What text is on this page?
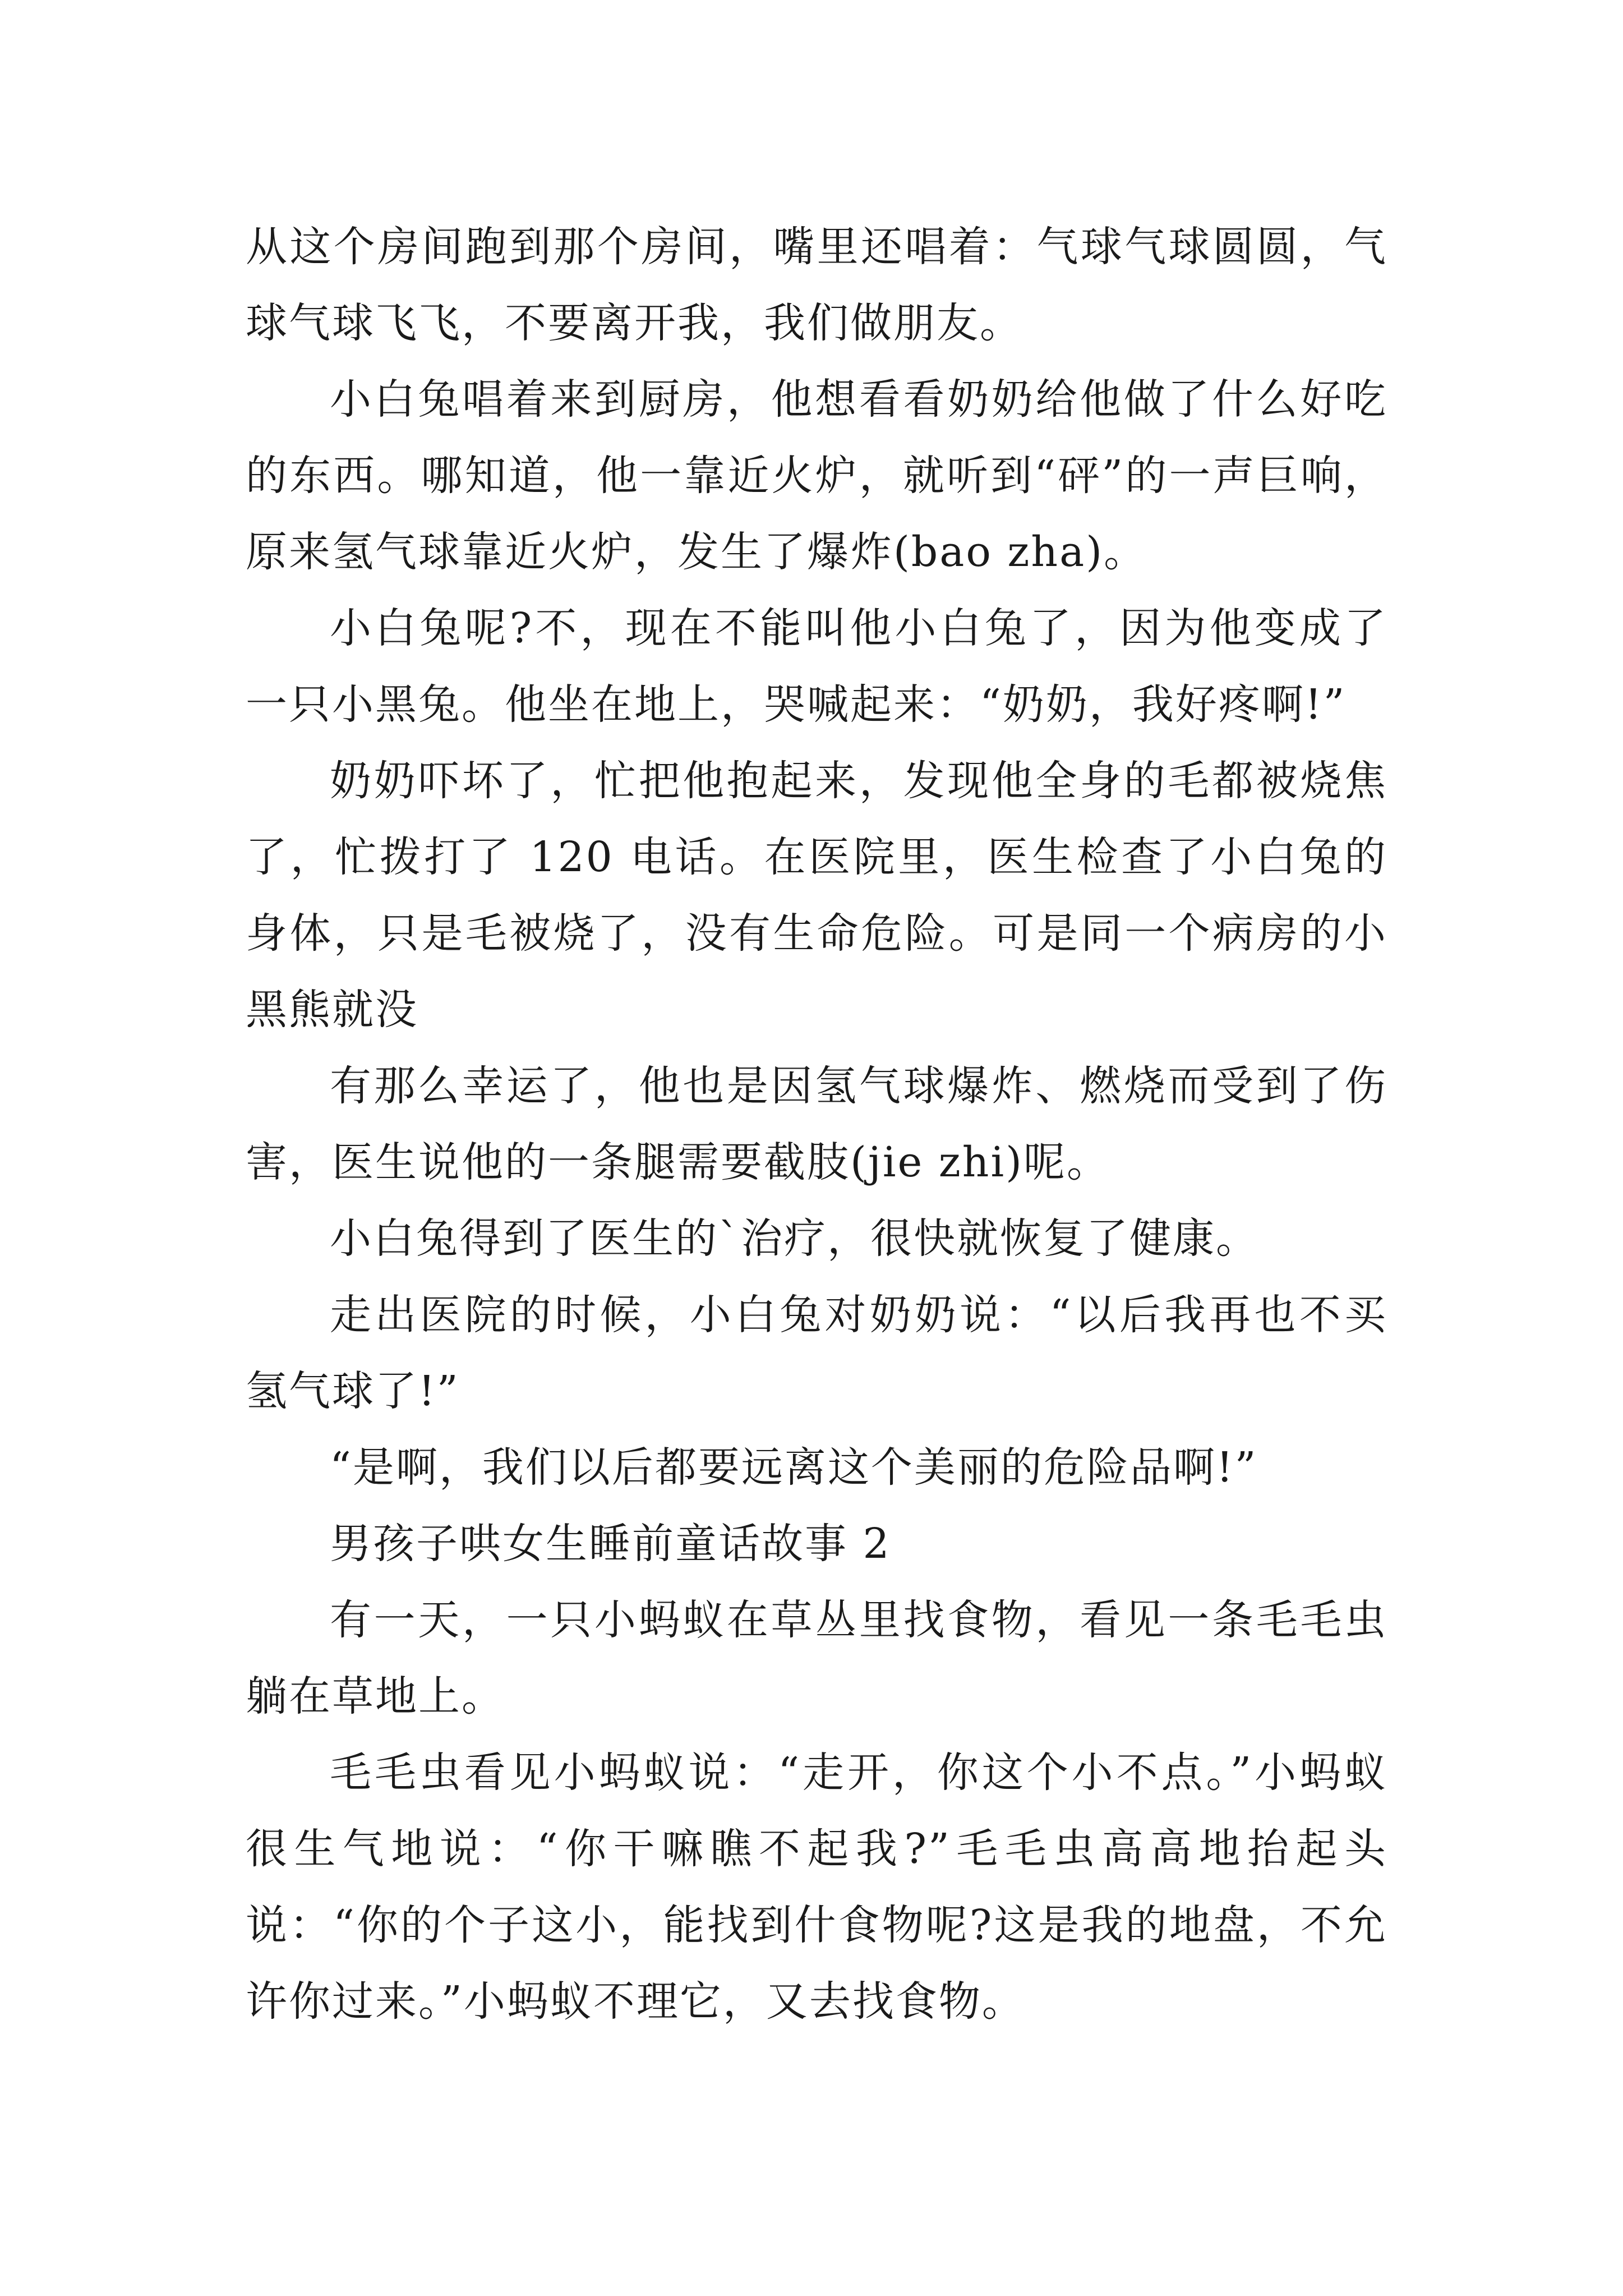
从这个房间跑到那个房间，嘴里还唱着：气球气球圆圆，气球气球飞飞，不要离开我，我们做朋友。

小白兔唱着来到厨房，他想看看奶奶给他做了什么好吃的东西。哪知道，他一靠近火炉，就听到“砰”的一声巨响，原来氢气球靠近火炉，发生了爆炸(bao zha)。

小白兔呢?不，现在不能叫他小白兔了，因为他变成了一只小黑兔。他坐在地上，哭喊起来：“奶奶，我好疼啊!”

奶奶吓坏了，忙把他抱起来，发现他全身的毛都被烧焦了，忙拨打了 120 电话。在医院里，医生检查了小白兔的身体，只是毛被烧了，没有生命危险。可是同一个病房的小黑熊就没

有那么幸运了，他也是因氢气球爆炸、燃烧而受到了伤害，医生说他的一条腿需要截肢(jie zhi)呢。

小白兔得到了医生的`治疗，很快就恢复了健康。

走出医院的时候，小白兔对奶奶说：“以后我再也不买氢气球了!”

“是啊，我们以后都要远离这个美丽的危险品啊!”

男孩子哄女生睡前童话故事 2

有一天，一只小蚂蚁在草丛里找食物，看见一条毛毛虫躺在草地上。

毛毛虫看见小蚂蚁说：“走开，你这个小不点。”小蚂蚁很生气地说：“你干嘛瞧不起我?”毛毛虫高高地抬起头说：“你的个子这小，能找到什食物呢?这是我的地盘，不允许你过来。”小蚂蚁不理它，又去找食物。
